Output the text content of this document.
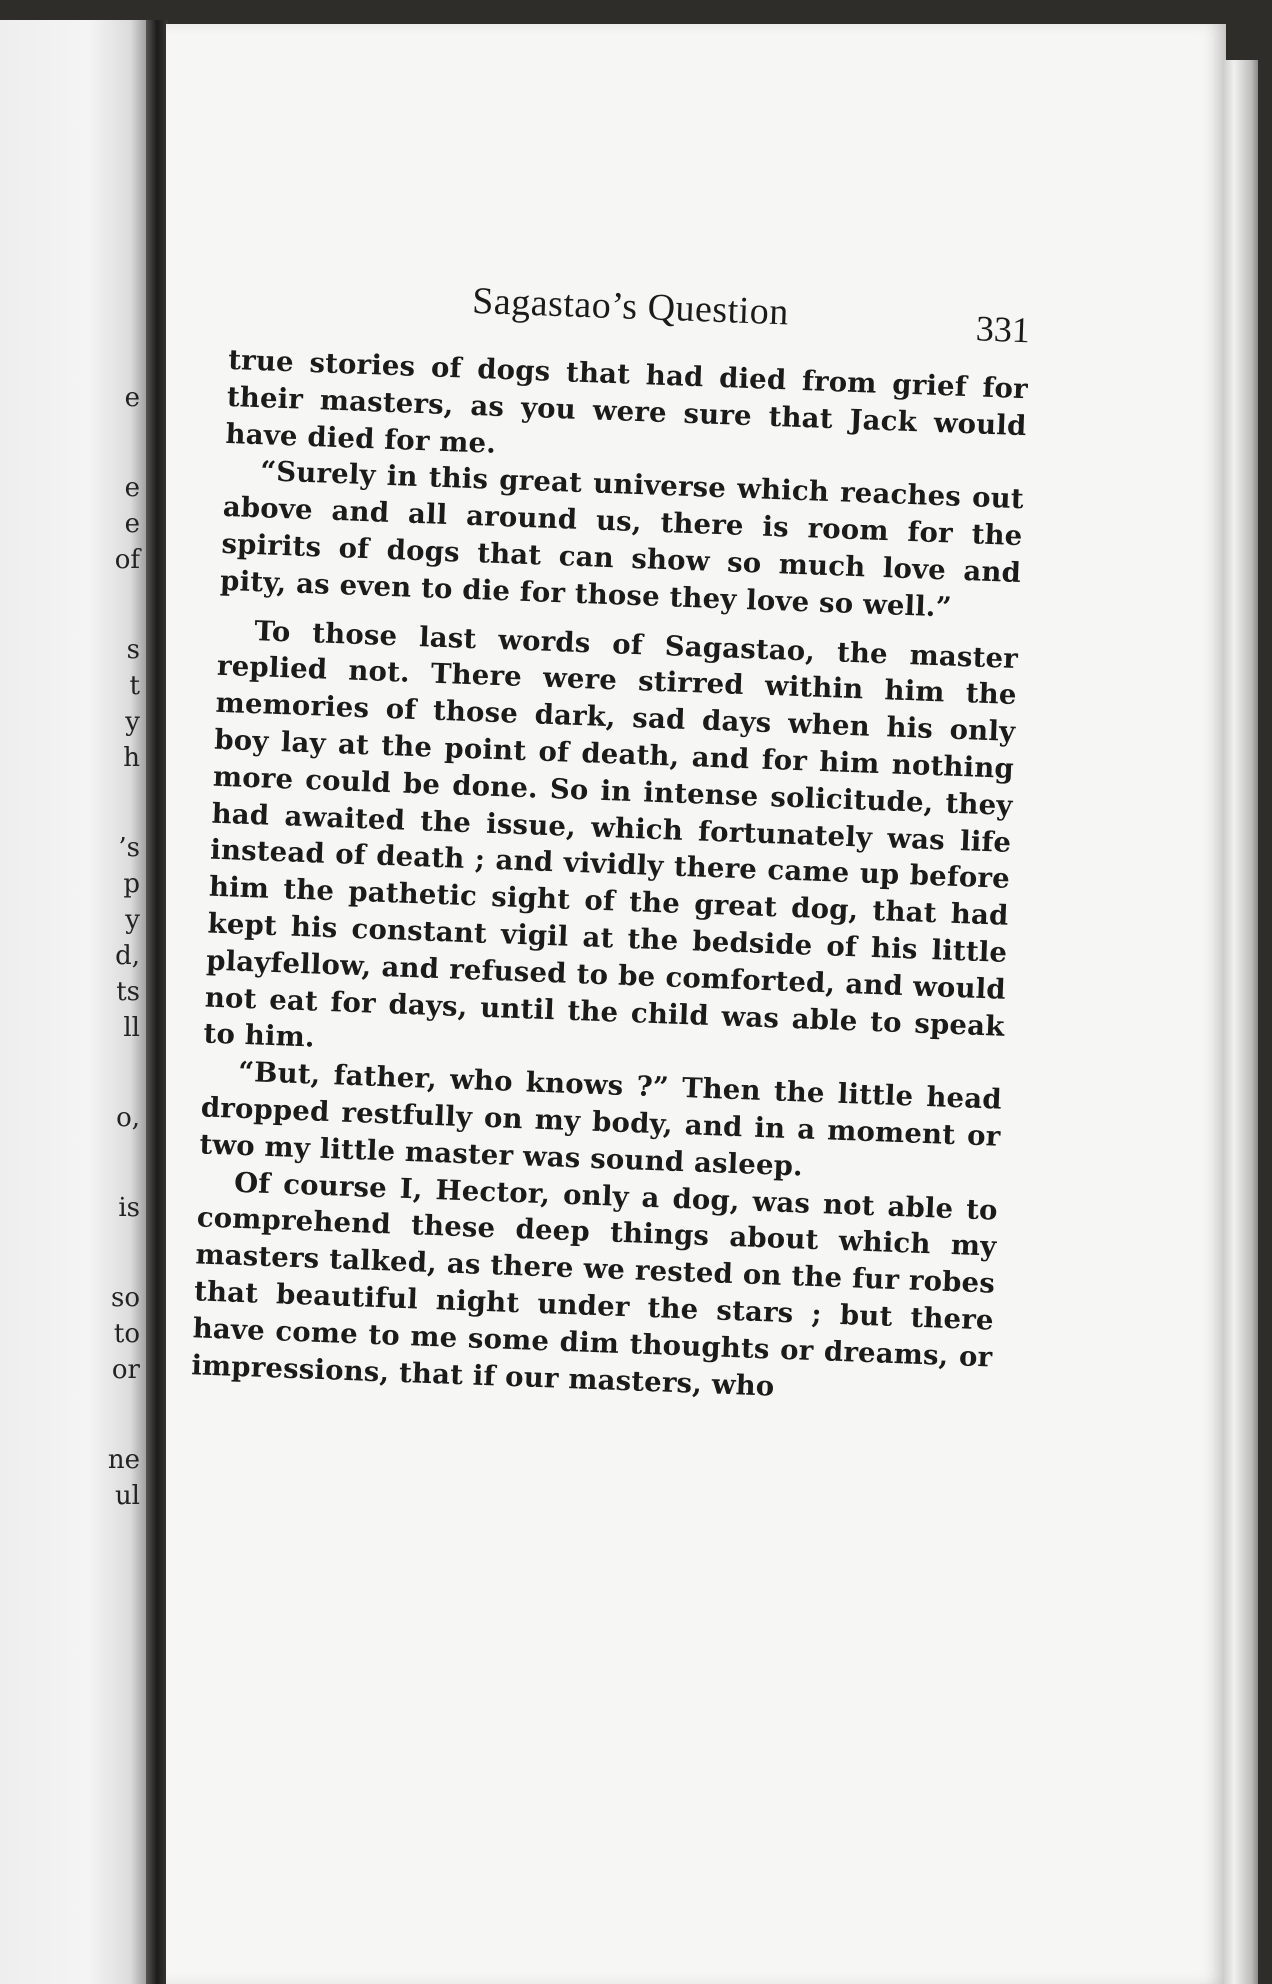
e
e
e
of
s
t
y
h
’s
p
y
d,
ts
ll
o,
is
so
to
or
ne
ul
Sagastao’s Question	331

true stories of dogs that had died from grief for their masters, as you were sure that Jack would have died for me.

“Surely in this great universe which reaches out above and all around us, there is room for the spirits of dogs that can show so much love and pity, as even to die for those they love so well.”

To those last words of Sagastao, the master replied not. There were stirred within him the memories of those dark, sad days when his only boy lay at the point of death, and for him nothing more could be done. So in intense solicitude, they had awaited the issue, which fortunately was life instead of death ; and vividly there came up before him the pathetic sight of the great dog, that had kept his constant vigil at the bedside of his little playfellow, and refused to be comforted, and would not eat for days, until the child was able to speak to him.

“But, father, who knows ?” Then the little head dropped restfully on my body, and in a moment or two my little master was sound asleep.

Of course I, Hector, only a dog, was not able to comprehend these deep things about which my masters talked, as there we rested on the fur robes that beautiful night under the stars ; but there have come to me some dim thoughts or dreams, or impressions, that if our masters, who
